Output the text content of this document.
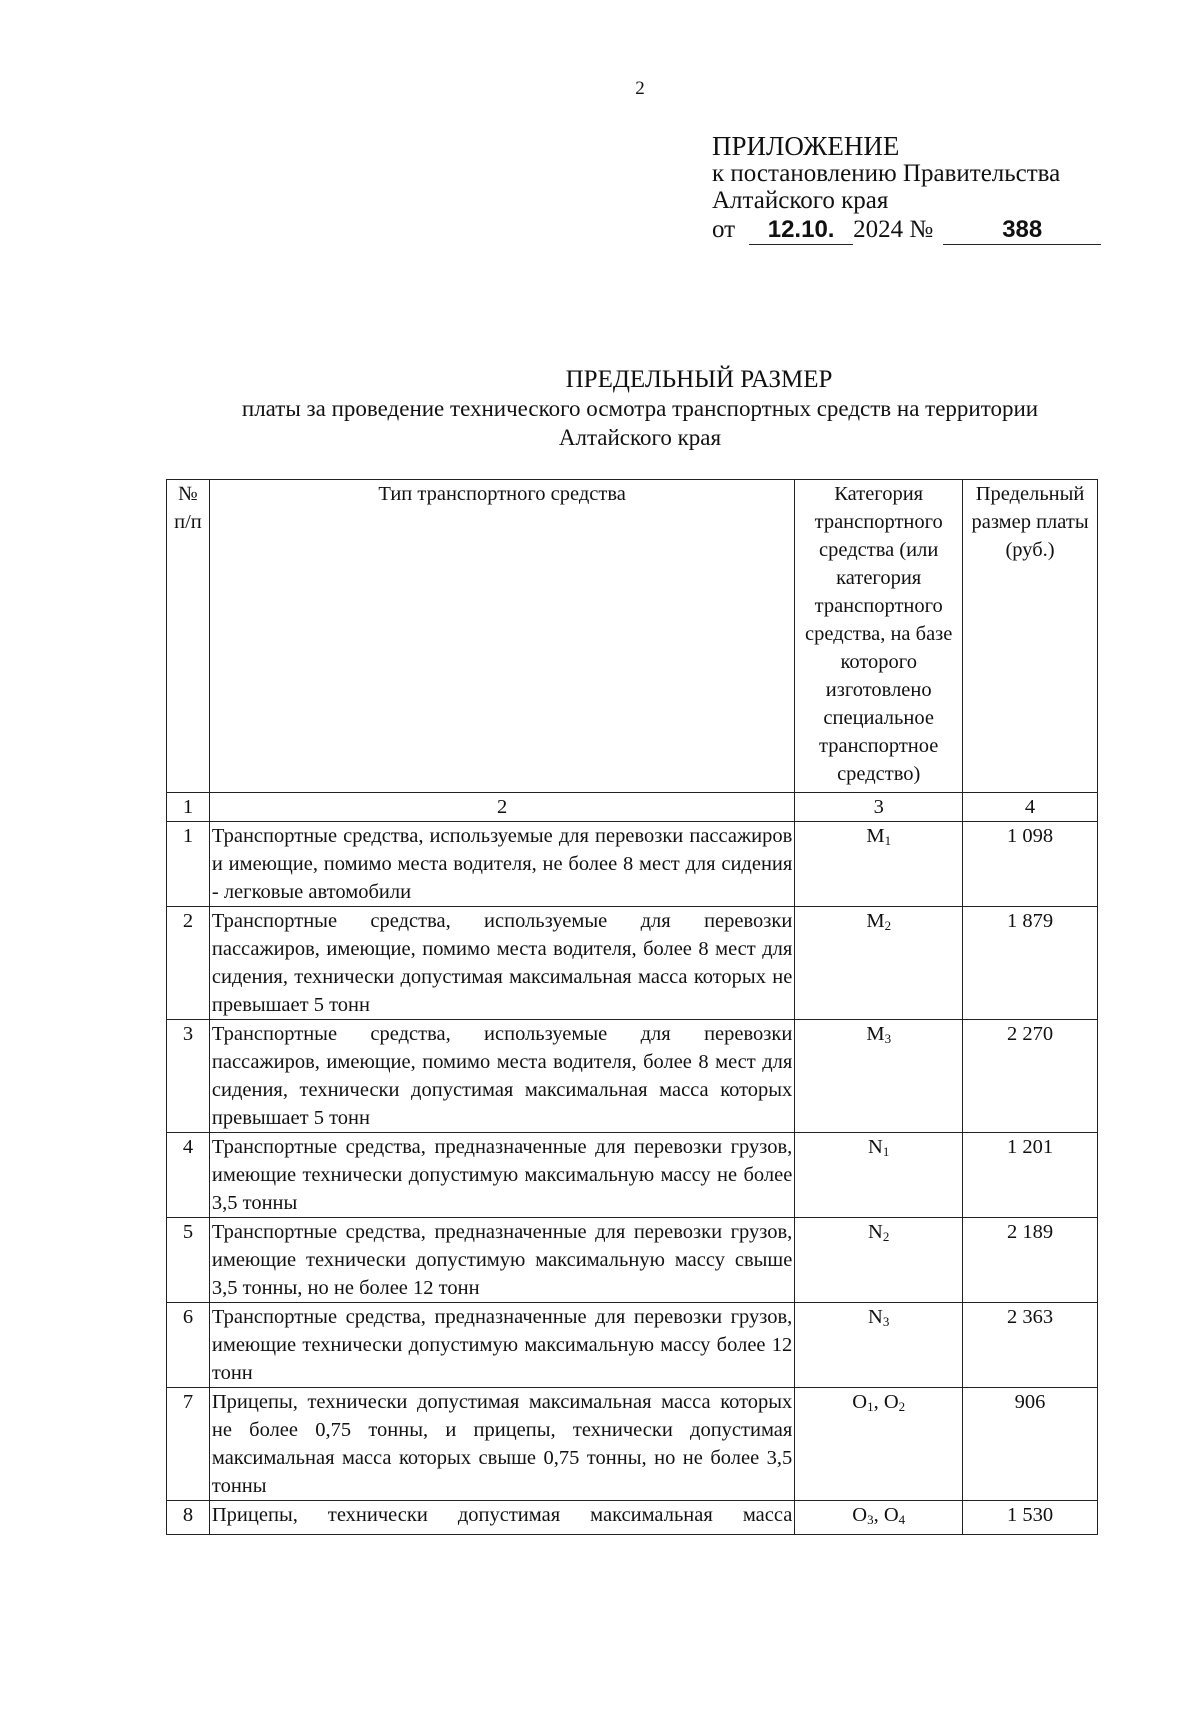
2
ПРИЛОЖЕНИЕ
к постановлению Правительства
Алтайского края
от	12.10. 2024 №	388
ПРЕДЕЛЬНЫЙ РАЗМЕР
платы за проведение технического осмотра транспортных средств на территории
Алтайского края
№ п/п	Тип транспортного средства	Категория транспортного средства (или категория транспортного средства, на базе которого изготовлено специальное транспортное средство)	Предельный размер платы (руб.)
1	2	3	4
1	Транспортные средства, используемые для перевозки пассажиров и имеющие, помимо места водителя, не более 8 мест для сидения - легковые автомобили	$M_1$	1 098
2	Транспортные средства, используемые для перевозки пассажиров, имеющие, помимо места водителя, более 8 мест для сидения, технически допустимая максимальная масса которых не превышает 5 тонн	$M_2$	1 879
3	Транспортные средства, используемые для перевозки пассажиров, имеющие, помимо места водителя, более 8 мест для сидения, технически допустимая максимальная масса которых превышает 5 тонн	$M_3$	2 270
4	Транспортные средства, предназначенные для перевозки грузов, имеющие технически допустимую максимальную массу не более 3,5 тонны	$N_1$	1 201
5	Транспортные средства, предназначенные для перевозки грузов, имеющие технически допустимую максимальную массу свыше 3,5 тонны, но не более 12 тонн	$N_2$	2 189
6	Транспортные средства, предназначенные для перевозки грузов, имеющие технически допустимую максимальную массу более 12 тонн	$N_3$	2 363
7	Прицепы, технически допустимая максимальная масса которых не более 0,75 тонны, и прицепы, технически допустимая максимальная масса которых свыше 0,75 тонны, но не более 3,5 тонны	$O_1$, $O_2$	906
8	Прицепы, технически допустимая максимальная масса	$O_3$, $O_4$	1 530
